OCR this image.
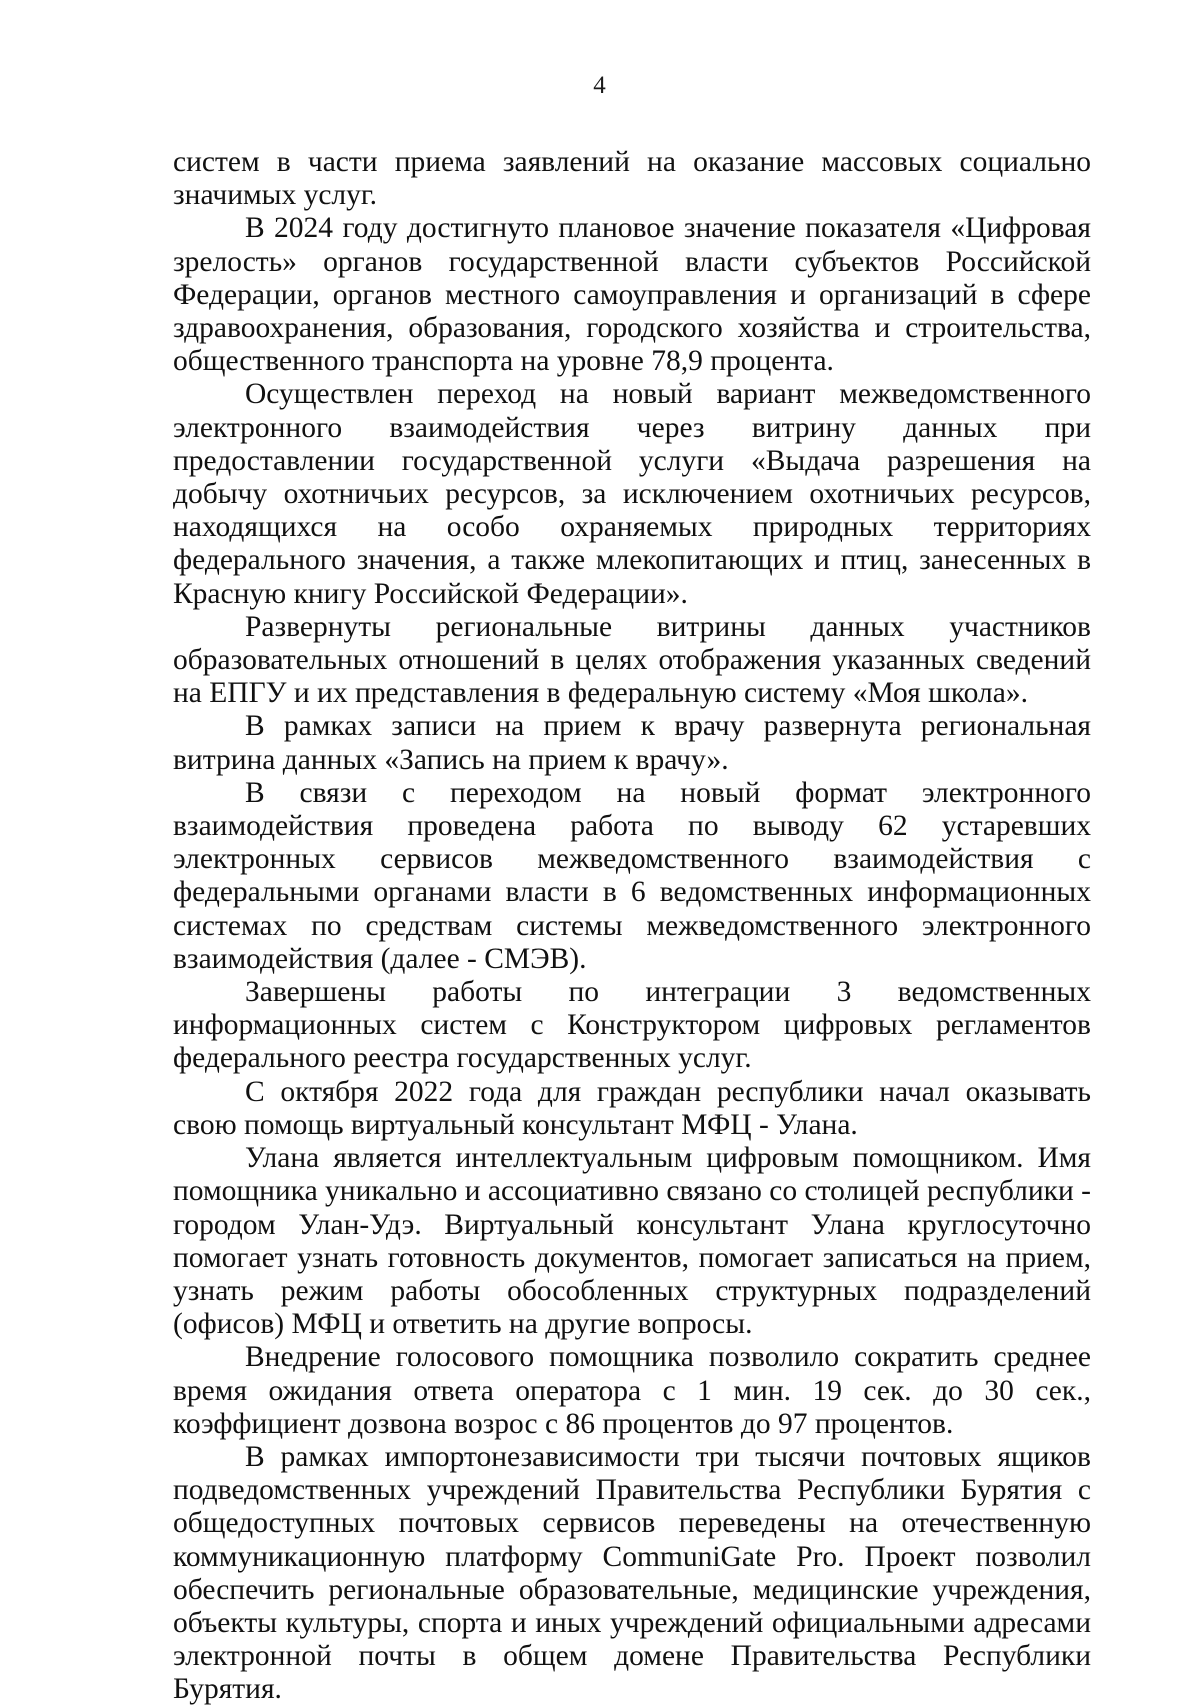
4

систем в части приема заявлений на оказание массовых социально значимых услуг.

В 2024 году достигнуто плановое значение показателя «Цифровая зрелость» органов государственной власти субъектов Российской Федерации, органов местного самоуправления и организаций в сфере здравоохранения, образования, городского хозяйства и строительства, общественного транспорта на уровне 78,9 процента.

Осуществлен переход на новый вариант межведомственного электронного взаимодействия через витрину данных при предоставлении государственной услуги «Выдача разрешения на добычу охотничьих ресурсов, за исключением охотничьих ресурсов, находящихся на особо охраняемых природных территориях федерального значения, а также млекопитающих и птиц, занесенных в Красную книгу Российской Федерации».

Развернуты региональные витрины данных участников образовательных отношений в целях отображения указанных сведений на ЕПГУ и их представления в федеральную систему «Моя школа».

В рамках записи на прием к врачу развернута региональная витрина данных «Запись на прием к врачу».

В связи с переходом на новый формат электронного взаимодействия проведена работа по выводу 62 устаревших электронных сервисов межведомственного взаимодействия с федеральными органами власти в 6 ведомственных информационных системах по средствам системы межведомственного электронного взаимодействия (далее - СМЭВ).

Завершены работы по интеграции 3 ведомственных информационных систем с Конструктором цифровых регламентов федерального реестра государственных услуг.

С октября 2022 года для граждан республики начал оказывать свою помощь виртуальный консультант МФЦ - Улана.

Улана является интеллектуальным цифровым помощником. Имя помощника уникально и ассоциативно связано со столицей республики - городом Улан-Удэ. Виртуальный консультант Улана круглосуточно помогает узнать готовность документов, помогает записаться на прием, узнать режим работы обособленных структурных подразделений (офисов) МФЦ и ответить на другие вопросы.

Внедрение голосового помощника позволило сократить среднее время ожидания ответа оператора с 1 мин. 19 сек. до 30 сек., коэффициент дозвона возрос с 86 процентов до 97 процентов.

В рамках импортонезависимости три тысячи почтовых ящиков подведомственных учреждений Правительства Республики Бурятия с общедоступных почтовых сервисов переведены на отечественную коммуникационную платформу CommuniGate Pro. Проект позволил обеспечить региональные образовательные, медицинские учреждения, объекты культуры, спорта и иных учреждений официальными адресами электронной почты в общем домене Правительства Республики Бурятия.
